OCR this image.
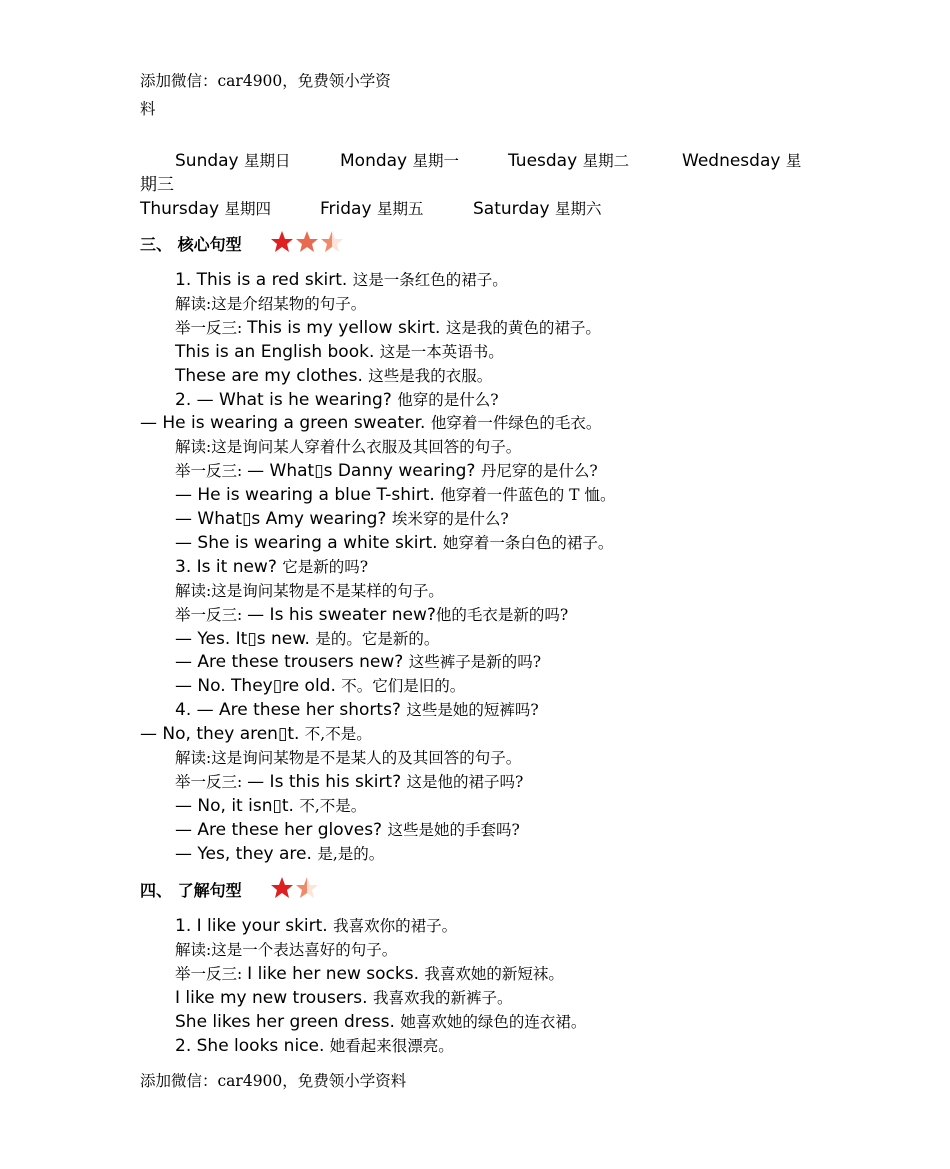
添加微信：car4900，免费领小学资
料
Sunday 星期日	Monday 星期一	Tuesday 星期二	Wednesday 星
期三
Thursday 星期四	Friday 星期五	Saturday 星期六
三、 核心句型
1. This is a red skirt. 这是一条红色的裙子。
解读:这是介绍某物的句子。
举一反三: This is my yellow skirt. 这是我的黄色的裙子。
This is an English book. 这是一本英语书。
These are my clothes. 这些是我的衣服。
2. — What is he wearing? 他穿的是什么?
— He is wearing a green sweater. 他穿着一件绿色的毛衣。
解读:这是询问某人穿着什么衣服及其回答的句子。
举一反三: — What▯s Danny wearing? 丹尼穿的是什么?
— He is wearing a blue T-shirt. 他穿着一件蓝色的 T 恤。
— What▯s Amy wearing? 埃米穿的是什么?
— She is wearing a white skirt. 她穿着一条白色的裙子。
3. Is it new? 它是新的吗?
解读:这是询问某物是不是某样的句子。
举一反三: — Is his sweater new?他的毛衣是新的吗?
— Yes. It▯s new. 是的。它是新的。
— Are these trousers new? 这些裤子是新的吗?
— No. They▯re old. 不。它们是旧的。
4. — Are these her shorts? 这些是她的短裤吗?
— No, they aren▯t. 不,不是。
解读:这是询问某物是不是某人的及其回答的句子。
举一反三: — Is this his skirt? 这是他的裙子吗?
— No, it isn▯t. 不,不是。
— Are these her gloves? 这些是她的手套吗?
— Yes, they are. 是,是的。
四、 了解句型
1. I like your skirt. 我喜欢你的裙子。
解读:这是一个表达喜好的句子。
举一反三: I like her new socks. 我喜欢她的新短袜。
I like my new trousers. 我喜欢我的新裤子。
She likes her green dress. 她喜欢她的绿色的连衣裙。
2. She looks nice. 她看起来很漂亮。
添加微信：car4900，免费领小学资料
